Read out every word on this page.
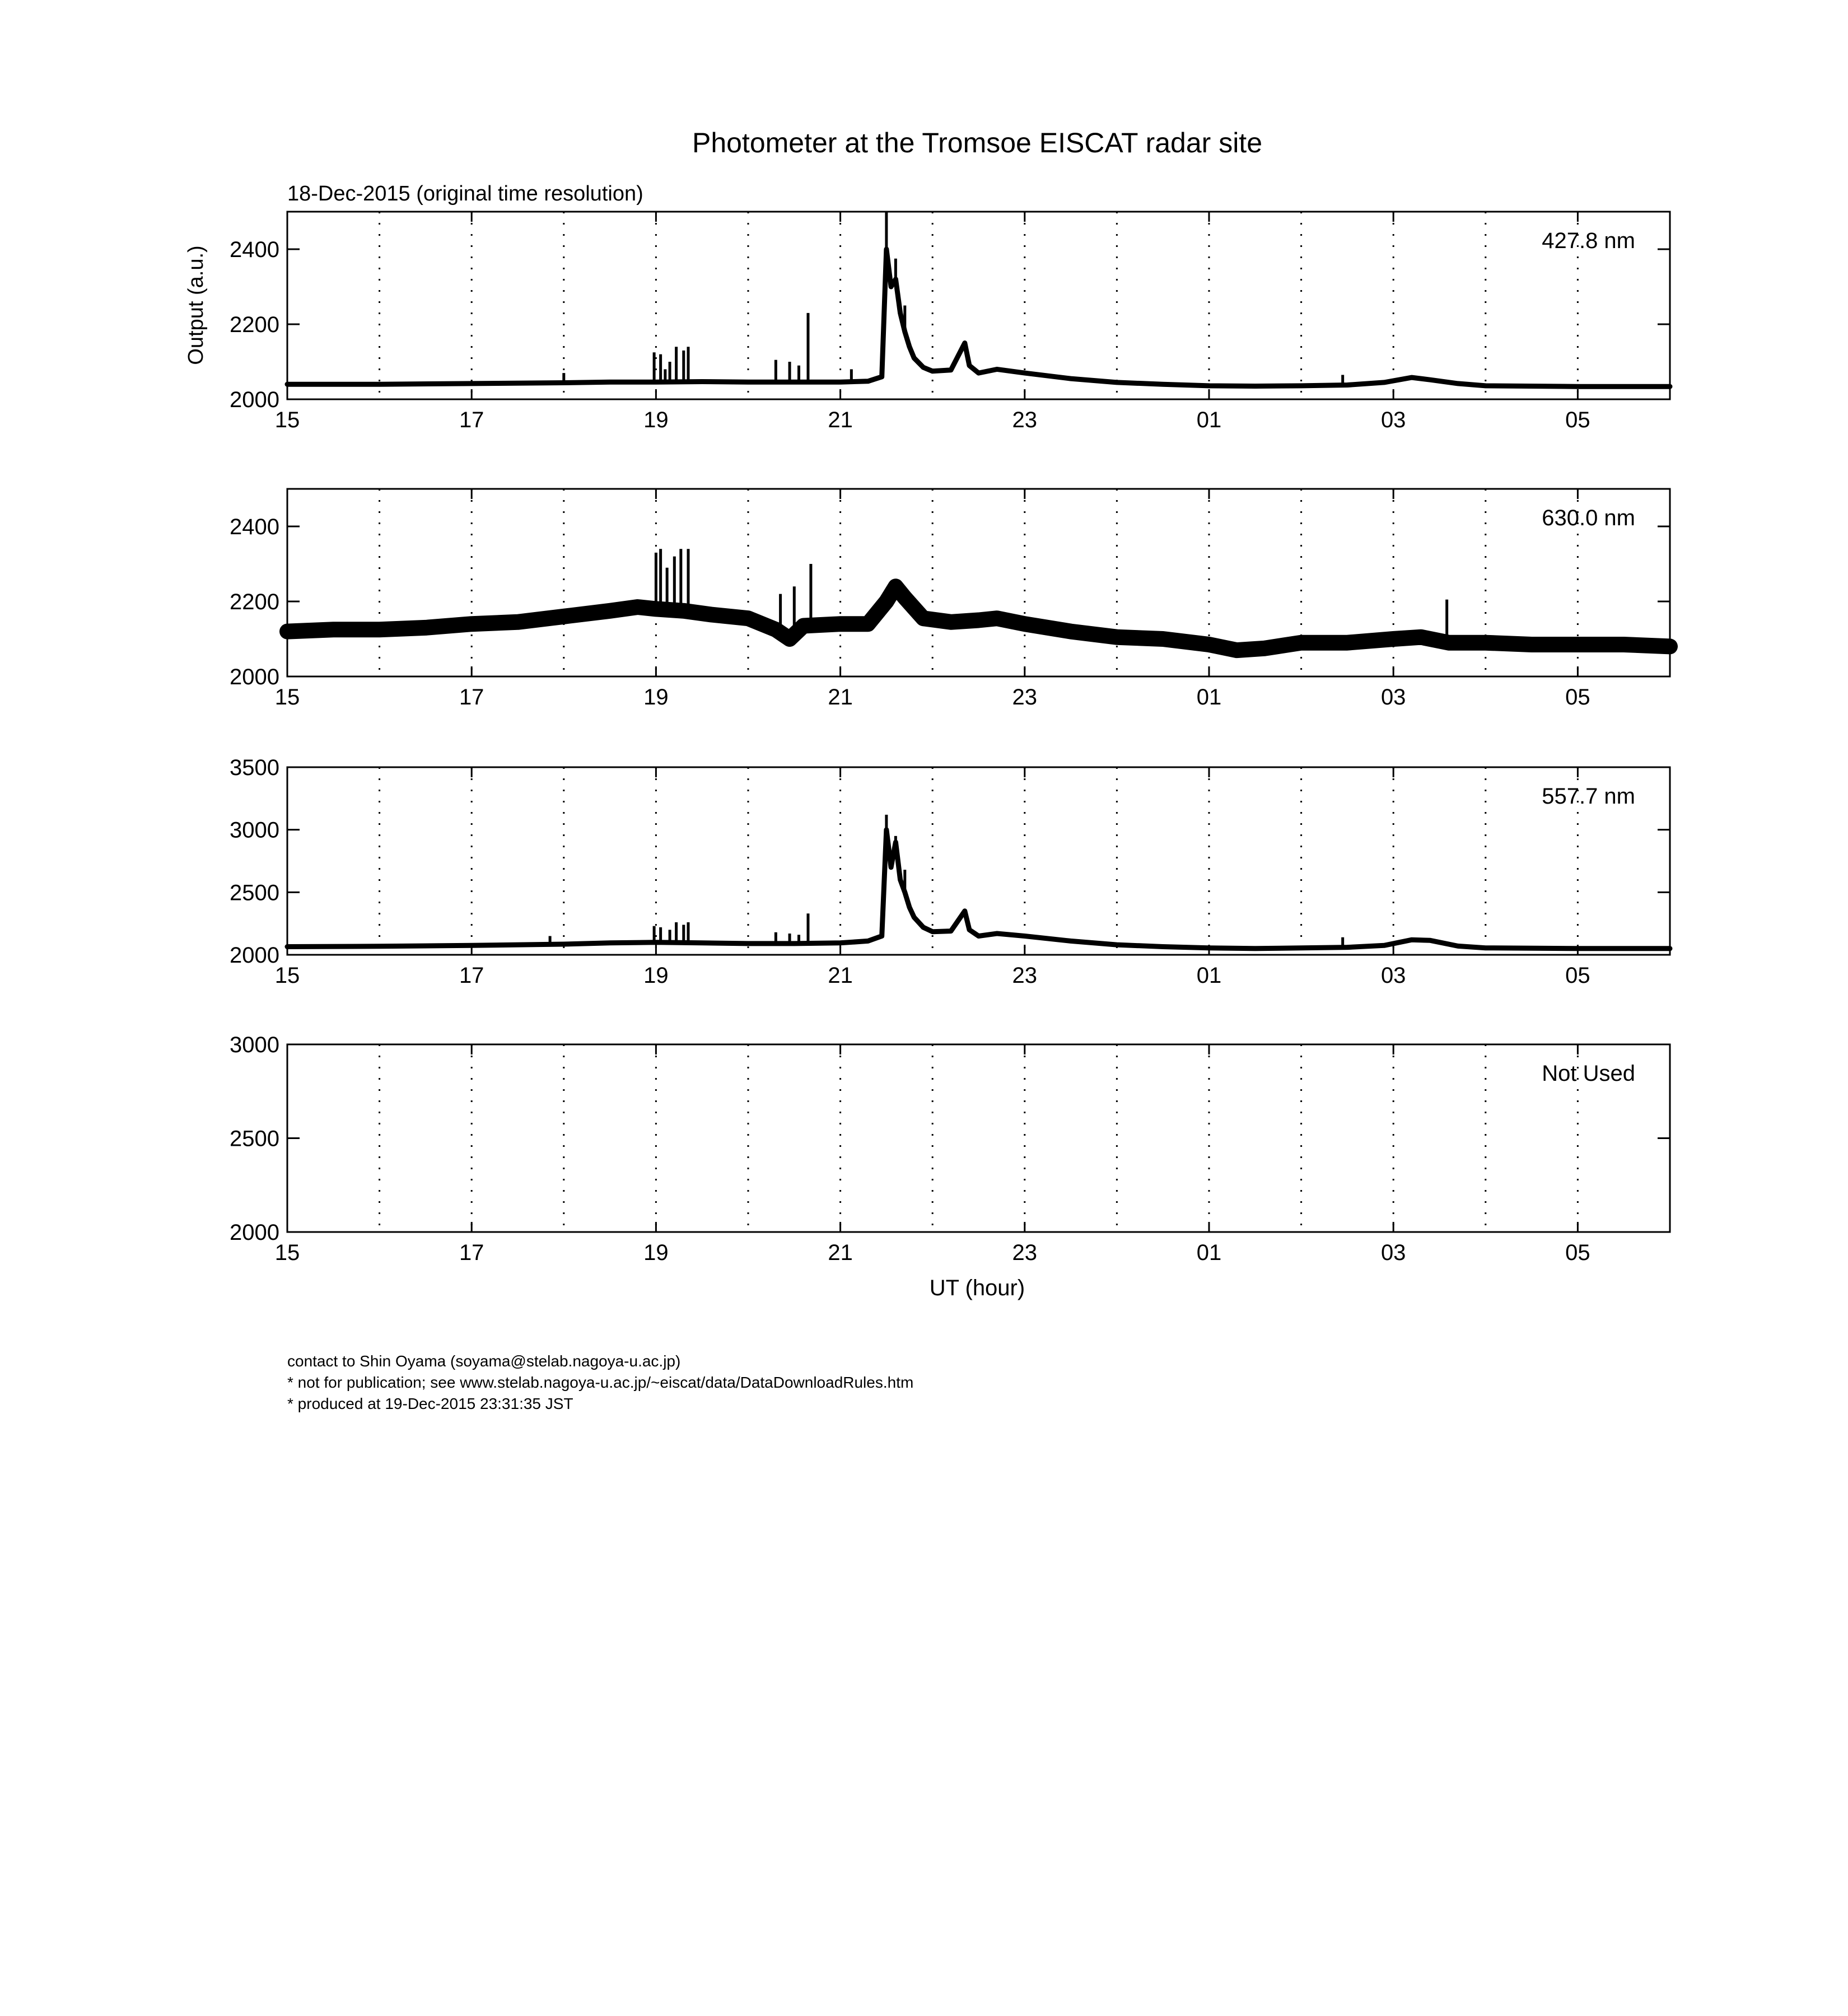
Photometer at the Tromsoe EISCAT radar site
18-Dec-2015 (original time resolution)
Output (a.u.)
UT (hour)
15	17	19	21	23	01	03	05
2000
2200
2400	427.8 nm
15	17	19	21	23	01	03	05
2000
2200
2400	630.0 nm
15	17	19	21	23	01	03	05
2000
2500
3000
3500
557.7 nm
15	17	19	21	23	01	03	05
2000
2500
3000
Not Used
contact to Shin Oyama (soyama@stelab.nagoya-u.ac.jp)
* not for publication; see www.stelab.nagoya-u.ac.jp/~eiscat/data/DataDownloadRules.htm
* produced at 19-Dec-2015 23:31:35 JST
